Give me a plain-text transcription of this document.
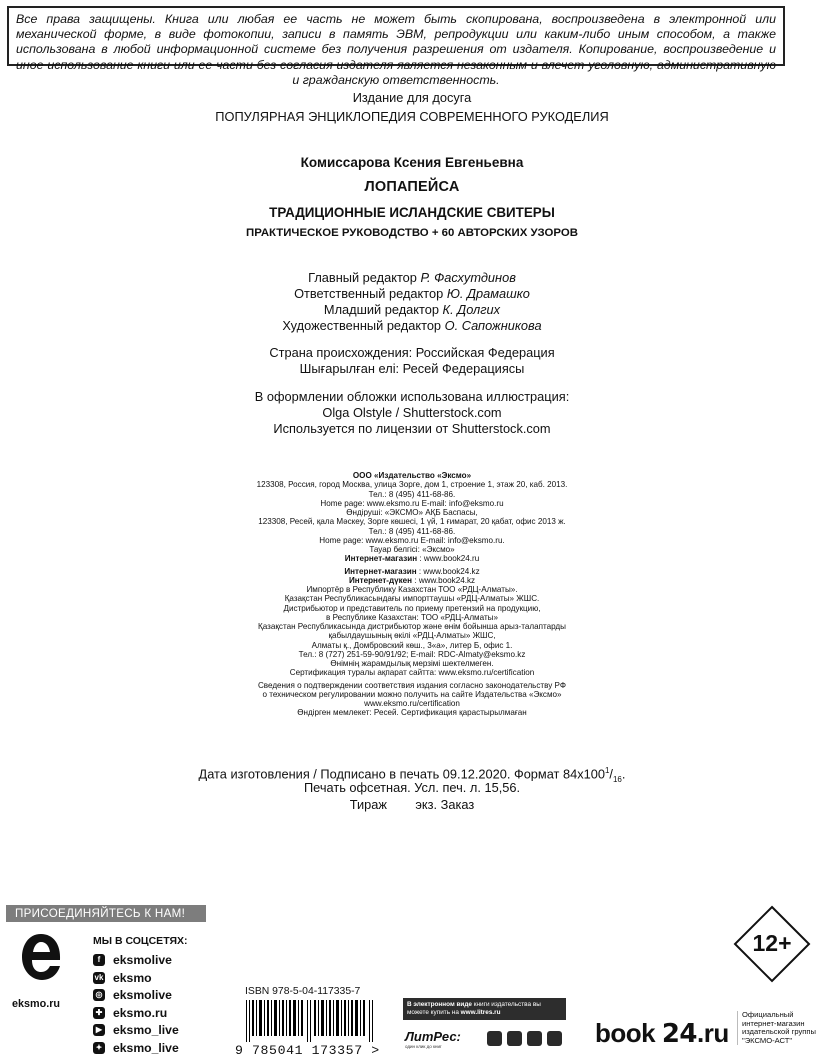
Все права защищены. Книга или любая ее часть не может быть скопирована, воспроизведена в электронной или механической форме, в виде фотокопии, записи в память ЭВМ, репродукции или каким-либо иным способом, а также использована в любой информационной системе без получения разрешения от издателя. Копирование, воспроизведение и иное использование книги или ее части без согласия издателя является незаконным и влечет уголовную, административную и гражданскую ответственность.
Издание для досуга
ПОПУЛЯРНАЯ ЭНЦИКЛОПЕДИЯ СОВРЕМЕННОГО РУКОДЕЛИЯ
Комиссарова Ксения Евгеньевна
ЛОПАПЕЙСА
ТРАДИЦИОННЫЕ ИСЛАНДСКИЕ СВИТЕРЫ
ПРАКТИЧЕСКОЕ РУКОВОДСТВО + 60 АВТОРСКИХ УЗОРОВ
Главный редактор Р. Фасхутдинов
Ответственный редактор Ю. Драмашко
Младший редактор К. Долгих
Художественный редактор О. Сапожникова
Страна происхождения: Российская Федерация
Шығарылған елі: Ресей Федерациясы
В оформлении обложки использована иллюстрация:
Olga Olstyle / Shutterstock.com
Используется по лицензии от Shutterstock.com
ООО «Издательство «Эксмо»
123308, Россия, город Москва, улица Зорге, дом 1, строение 1, этаж 20, каб. 2013.
Тел.: 8 (495) 411-68-86.
Home page: www.eksmo.ru E-mail: info@eksmo.ru
Өндіруші: «ЭКСМО» АҚБ Баспасы,
123308, Ресей, қала Мәскеу, Зорге көшесі, 1 үй, 1 ғимарат, 20 қабат, офис 2013 ж.
Тел.: 8 (495) 411-68-86.
Home page: www.eksmo.ru E-mail: info@eksmo.ru.
Тауар белгісі: «Эксмо»
Интернет-магазин : www.book24.ru
Интернет-магазин : www.book24.kz
Интернет-дүкен : www.book24.kz
Импортёр в Республику Казахстан ТОО «РДЦ-Алматы».
Қазақстан Республикасындағы импорттаушы «РДЦ-Алматы» ЖШС.
Дистрибьютор и представитель по приему претензий на продукцию,
в Республике Казахстан: ТОО «РДЦ-Алматы»
Қазақстан Республикасында дистрибьютор және өнім бойынша арыз-талаптарды
қабылдаушының өкілі «РДЦ-Алматы» ЖШС,
Алматы қ., Домбровский көш., 3«а», литер Б, офис 1.
Тел.: 8 (727) 251-59-90/91/92; E-mail: RDC-Almaty@eksmo.kz
Өнімнің жарамдылық мерзімі шектелмеген.
Сертификация туралы ақпарат сайтта: www.eksmo.ru/certification
Сведения о подтверждении соответствия издания согласно законодательству РФ
о техническом регулировании можно получить на сайте Издательства «Эксмо»
www.eksmo.ru/certification
Өндірген мемлекет: Ресей. Сертификация қарастырылмаған
Дата изготовления / Подписано в печать 09.12.2020. Формат $84x100^1/_{16}$.
Печать офсетная. Усл. печ. л. 15,56.
Тираж        экз. Заказ
ПРИСОЕДИНЯЙТЕСЬ К НАМ!
eksmo.ru
МЫ В СОЦСЕТЯХ:
f	eksmolive
vk eksmo
◎ eksmolive
✚ eksmo.ru
▶ eksmo_live
✦ eksmo_live
ISBN 978-5-04-117335-7
9 785041 173357 >
В электронном виде книги издательства вы можете купить на www.litres.ru
ЛитРес:
один клик до книг
12+
book 24.ru
Официальный
интернет-магазин
издательской группы
"ЭКСМО-АСТ"
